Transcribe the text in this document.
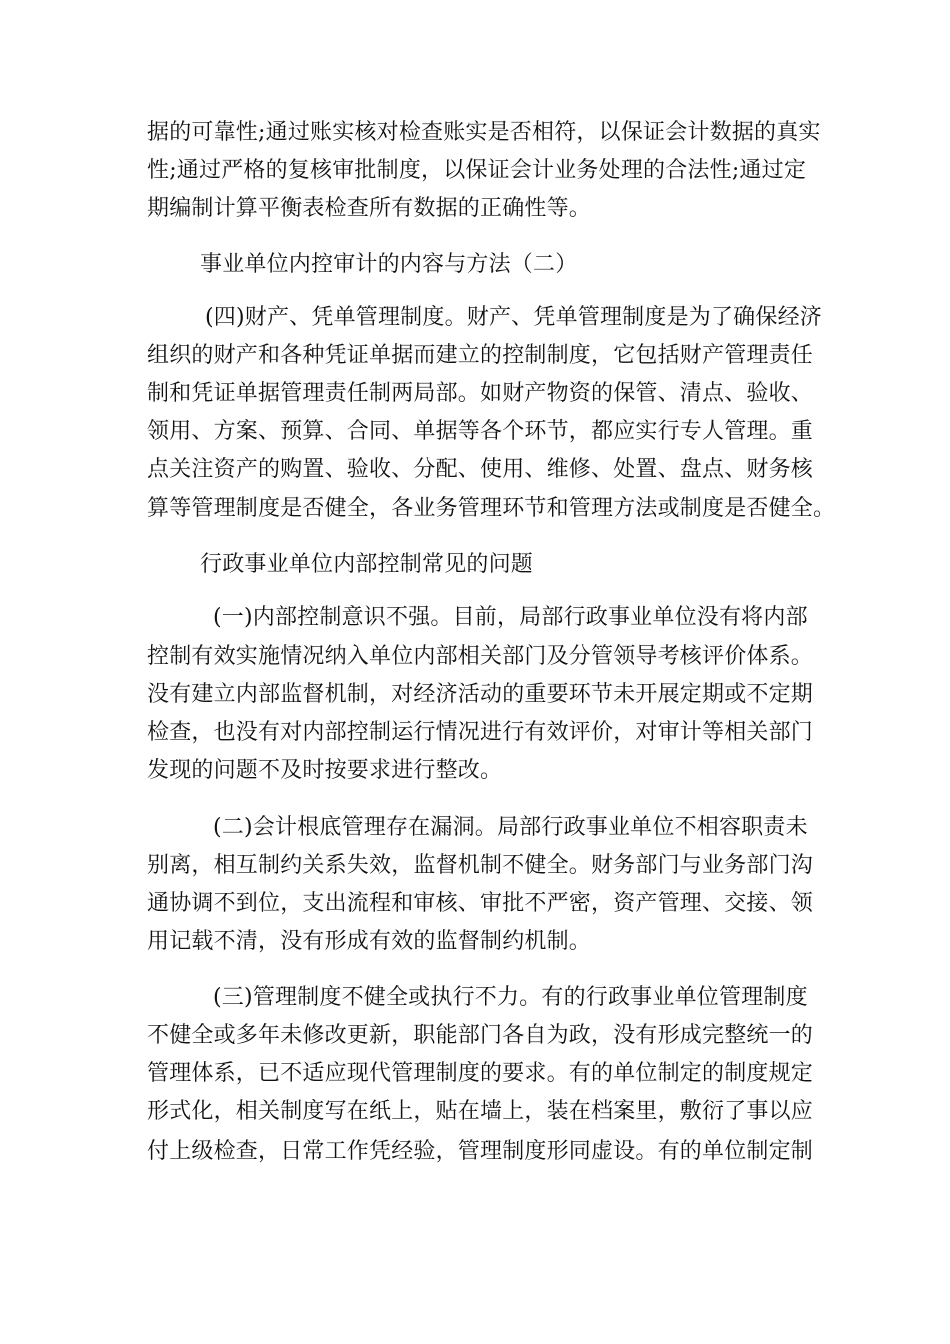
据的可靠性;通过账实核对检查账实是否相符，以保证会计数据的真实
性;通过严格的复核审批制度，以保证会计业务处理的合法性;通过定
期编制计算平衡表检查所有数据的正确性等。
事业单位内控审计的内容与方法（二）
(四)财产、凭单管理制度。财产、凭单管理制度是为了确保经济
组织的财产和各种凭证单据而建立的控制制度，它包括财产管理责任
制和凭证单据管理责任制两局部。如财产物资的保管、清点、验收、
领用、方案、预算、合同、单据等各个环节，都应实行专人管理。重
点关注资产的购置、验收、分配、使用、维修、处置、盘点、财务核
算等管理制度是否健全，各业务管理环节和管理方法或制度是否健全。
行政事业单位内部控制常见的问题
(一)内部控制意识不强。目前，局部行政事业单位没有将内部
控制有效实施情况纳入单位内部相关部门及分管领导考核评价体系。
没有建立内部监督机制，对经济活动的重要环节未开展定期或不定期
检查，也没有对内部控制运行情况进行有效评价，对审计等相关部门
发现的问题不及时按要求进行整改。
(二)会计根底管理存在漏洞。局部行政事业单位不相容职责未
别离，相互制约关系失效，监督机制不健全。财务部门与业务部门沟
通协调不到位，支出流程和审核、审批不严密，资产管理、交接、领
用记载不清，没有形成有效的监督制约机制。
(三)管理制度不健全或执行不力。有的行政事业单位管理制度
不健全或多年未修改更新，职能部门各自为政，没有形成完整统一的
管理体系，已不适应现代管理制度的要求。有的单位制定的制度规定
形式化，相关制度写在纸上，贴在墙上，装在档案里，敷衍了事以应
付上级检查，日常工作凭经验，管理制度形同虚设。有的单位制定制
